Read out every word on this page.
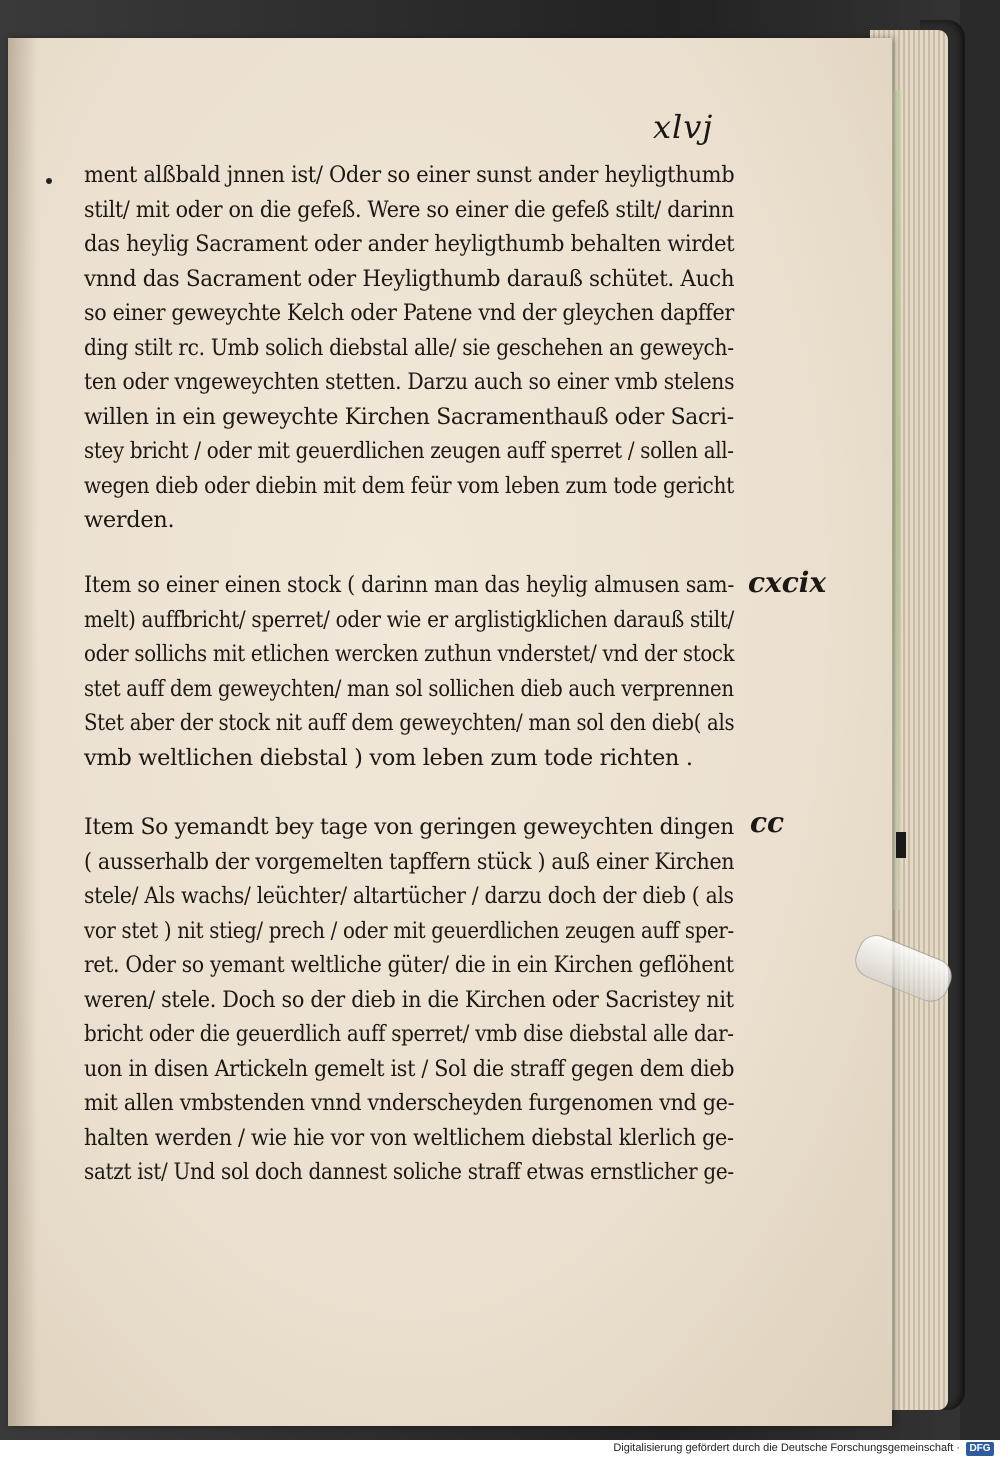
xlvj
ment alßbald jnnen ist/ Oder so einer sunst ander heyligthumb
stilt/ mit oder on die gefeß. Were so einer die gefeß stilt/ darinn
das heylig Sacrament oder ander heyligthumb behalten wirdet
vnnd das Sacrament oder Heyligthumb darauß schütet. Auch
so einer geweychte Kelch oder Patene vnd der gleychen dapffer
ding stilt rc. Umb solich diebstal alle/ sie geschehen an geweych-
ten oder vngeweychten stetten. Darzu auch so einer vmb stelens
willen in ein geweychte Kirchen Sacramenthauß oder Sacri-
stey bricht / oder mit geuerdlichen zeugen auff sperret / sollen all-
wegen dieb oder diebin mit dem feür vom leben zum tode gericht
werden.
cxcix
Item so einer einen stock ( darinn man das heylig almusen sam-
melt) auffbricht/ sperret/ oder wie er arglistigklichen darauß stilt/
oder sollichs mit etlichen wercken zuthun vnderstet/ vnd der stock
stet auff dem geweychten/ man sol sollichen dieb auch verprennen
Stet aber der stock nit auff dem geweychten/ man sol den dieb( als
vmb weltlichen diebstal ) vom leben zum tode richten .
cc
Item So yemandt bey tage von geringen geweychten dingen
( ausserhalb der vorgemelten tapffern stück ) auß einer Kirchen
stele/ Als wachs/ leüchter/ altartücher / darzu doch der dieb ( als
vor stet ) nit stieg/ prech / oder mit geuerdlichen zeugen auff sper-
ret. Oder so yemant weltliche güter/ die in ein Kirchen geflöhent
weren/ stele. Doch so der dieb in die Kirchen oder Sacristey nit
bricht oder die geuerdlich auff sperret/ vmb dise diebstal alle dar-
uon in disen Artickeln gemelt ist / Sol die straff gegen dem dieb
mit allen vmbstenden vnnd vnderscheyden furgenomen vnd ge-
halten werden / wie hie vor von weltlichem diebstal klerlich ge-
satzt ist/ Und sol doch dannest soliche straff etwas ernstlicher ge-
Digitalisierung gefördert durch die Deutsche Forschungsgemeinschaft · DFG
